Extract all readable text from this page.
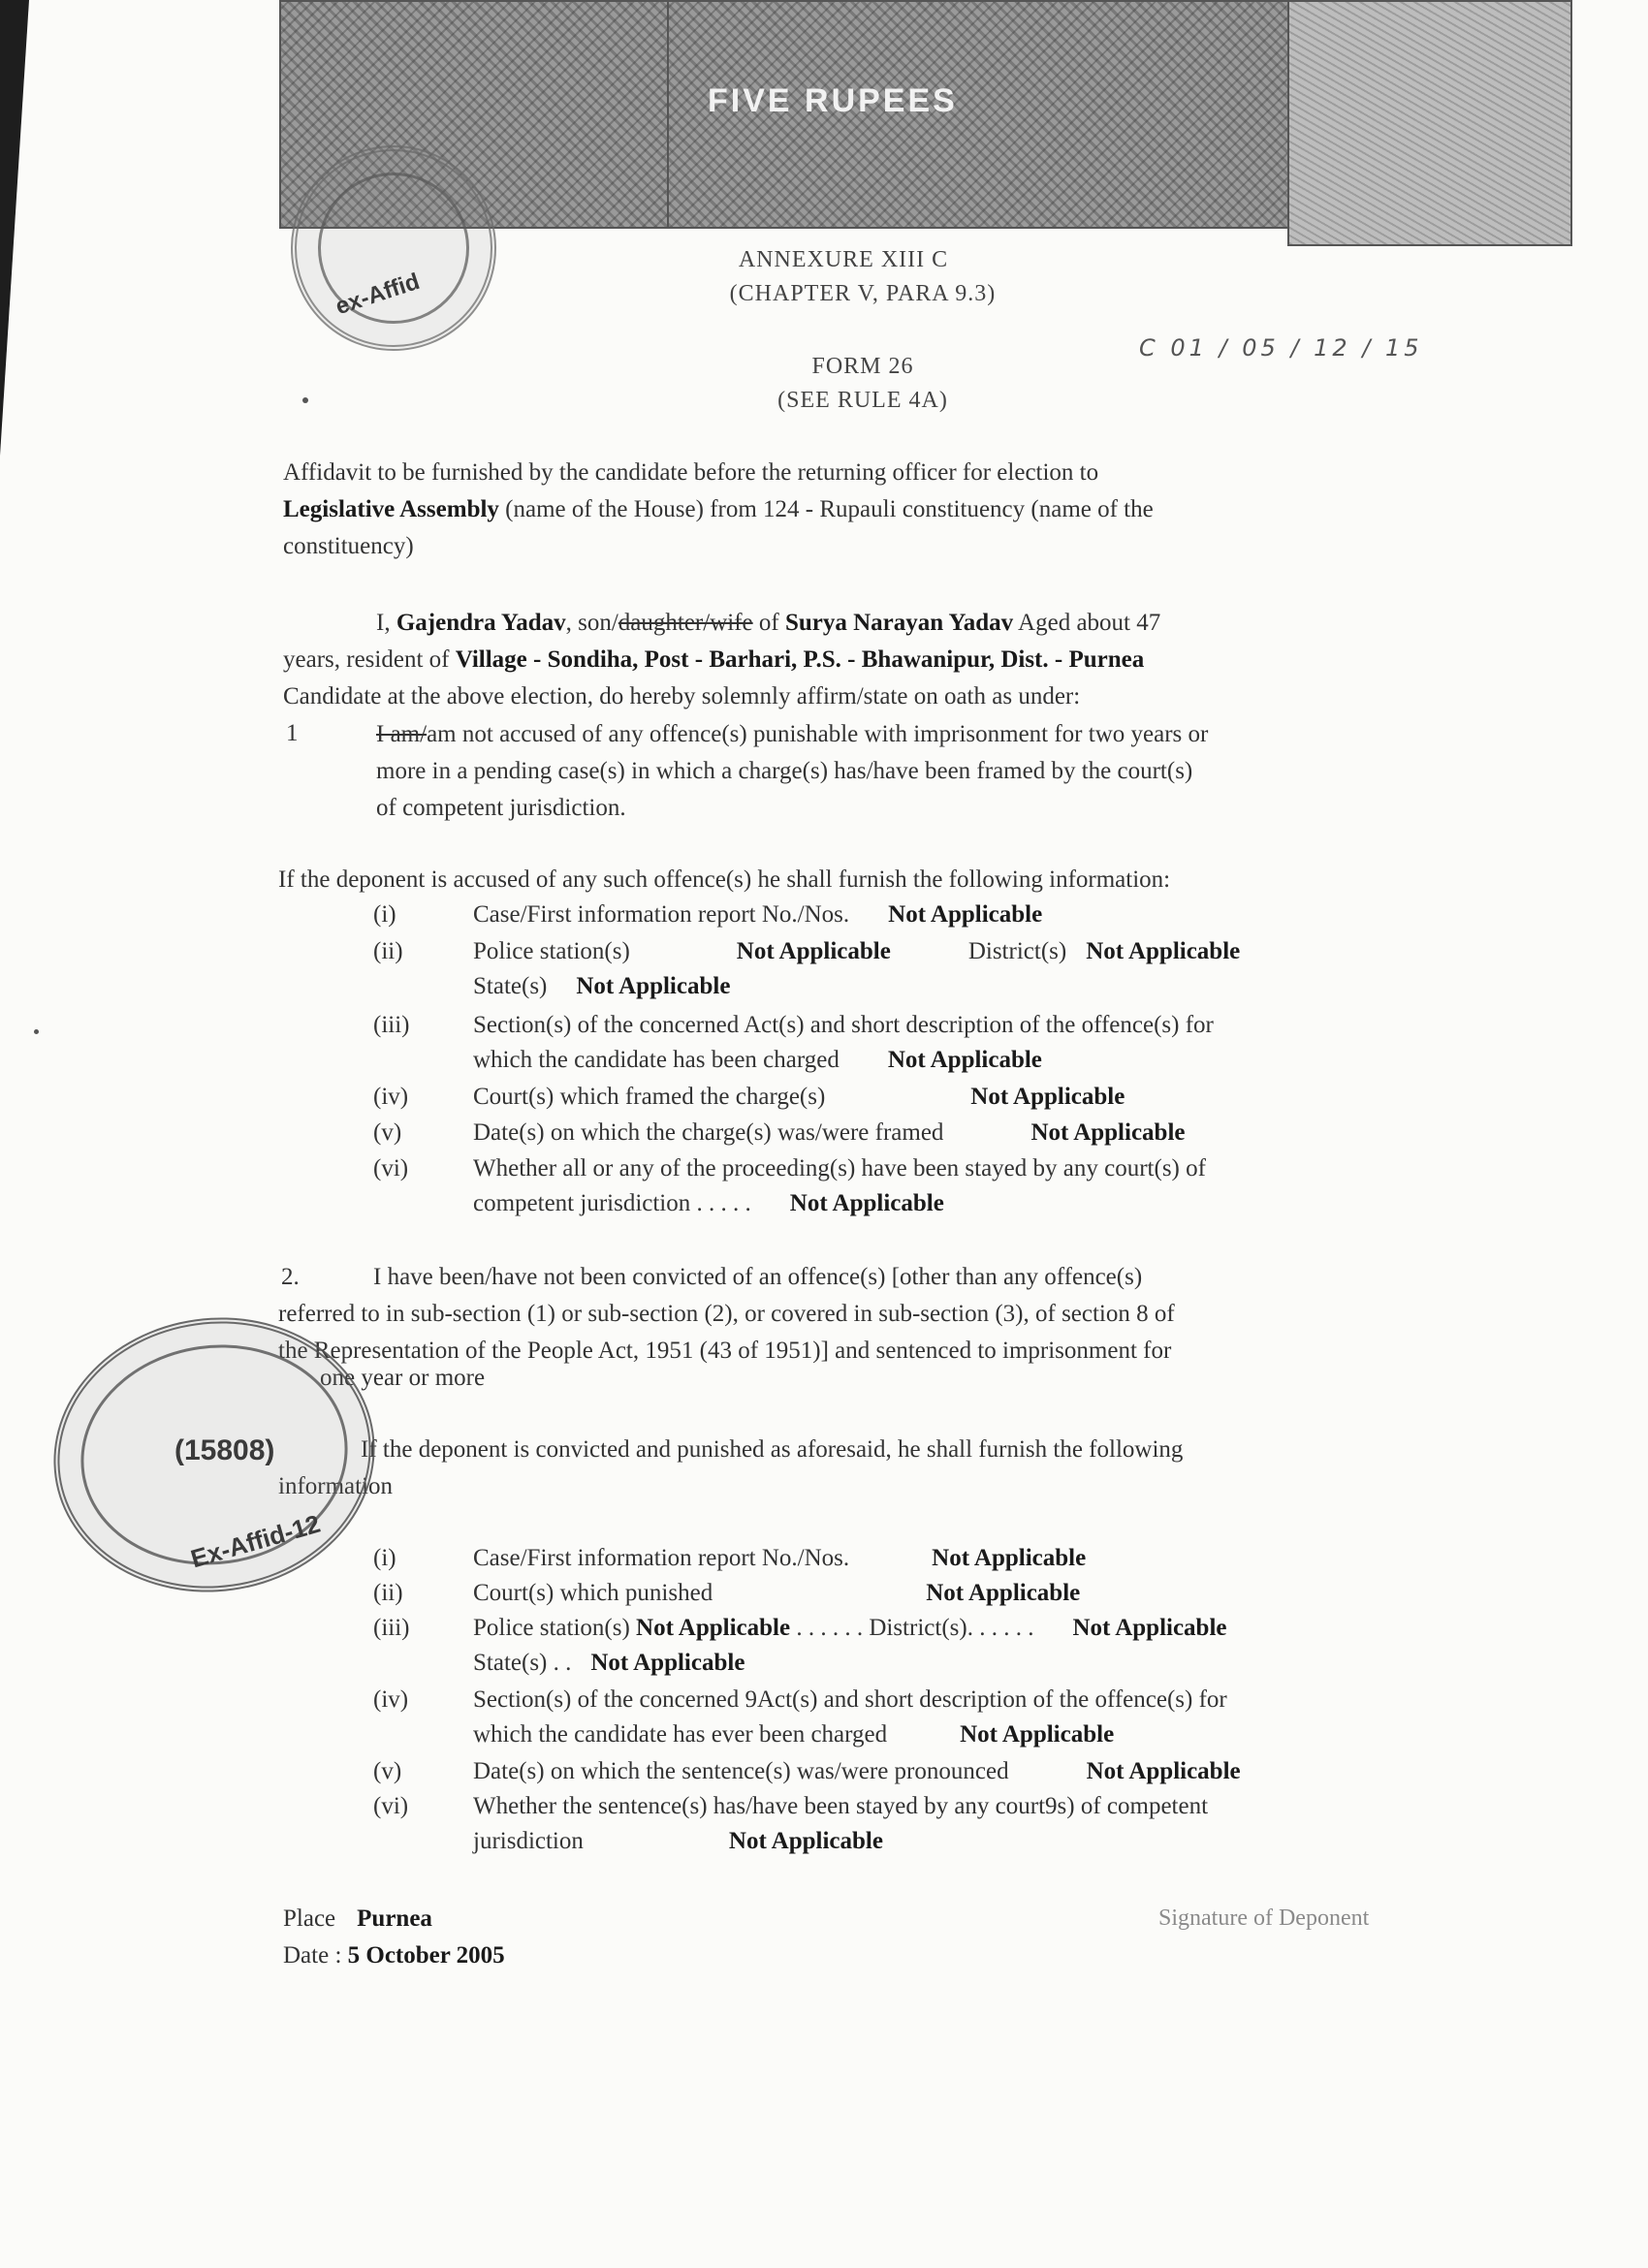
FIVE RUPEES
ex-Affid
ANNEXURE XIII C
(CHAPTER V, PARA 9.3)
C 01 / 05 / 12 / 15
FORM 26
(SEE RULE 4A)
Affidavit to be furnished by the candidate before the returning officer for election to
Legislative Assembly (name of the House) from 124 - Rupauli constituency (name of the
constituency)
I, Gajendra Yadav, son/daughter/wife of Surya Narayan Yadav Aged about 47
years, resident of Village - Sondiha, Post - Barhari, P.S. - Bhawanipur, Dist. - Purnea
Candidate at the above election, do hereby solemnly affirm/state on oath as under:
1	I am/am not accused of any offence(s) punishable with imprisonment for two years or
more in a pending case(s) in which a charge(s) has/have been framed by the court(s)
of competent jurisdiction.
If the deponent is accused of any such offence(s) he shall furnish the following information:
(i)	Case/First information report No./Nos. Not Applicable
(ii)	Police station(s)	Not Applicable	District(s) Not Applicable
State(s) Not Applicable
(iii)	Section(s) of the concerned Act(s) and short description of the offence(s) for
which the candidate has been charged Not Applicable
(iv)	Court(s) which framed the charge(s)	Not Applicable
(v)	Date(s) on which the charge(s) was/were framed	Not Applicable
(vi)	Whether all or any of the proceeding(s) have been stayed by any court(s) of
competent jurisdiction . . . . . Not Applicable
2.	I have been/have not been convicted of an offence(s) [other than any offence(s)
referred to in sub-section (1) or sub-section (2), or covered in sub-section (3), of section 8 of
the Representation of the People Act, 1951 (43 of 1951)] and sentenced to imprisonment for
one year or more
If the deponent is convicted and punished as aforesaid, he shall furnish the following
information
(15808)
Ex-Affid-12 (i)	Case/First information report No./Nos.	Not Applicable
(ii)	Court(s) which punished	Not Applicable
(iii)	Police station(s) Not Applicable . . . . . . District(s). . . . . . Not Applicable
State(s) . . Not Applicable
(iv)	Section(s) of the concerned 9Act(s) and short description of the offence(s) for
which the candidate has ever been charged	Not Applicable
(v)	Date(s) on which the sentence(s) was/were pronounced	Not Applicable
(vi)	Whether the sentence(s) has/have been stayed by any court9s) of competent
jurisdiction	Not Applicable
Place Purnea
Date : 5 October 2005
Signature of Deponent
